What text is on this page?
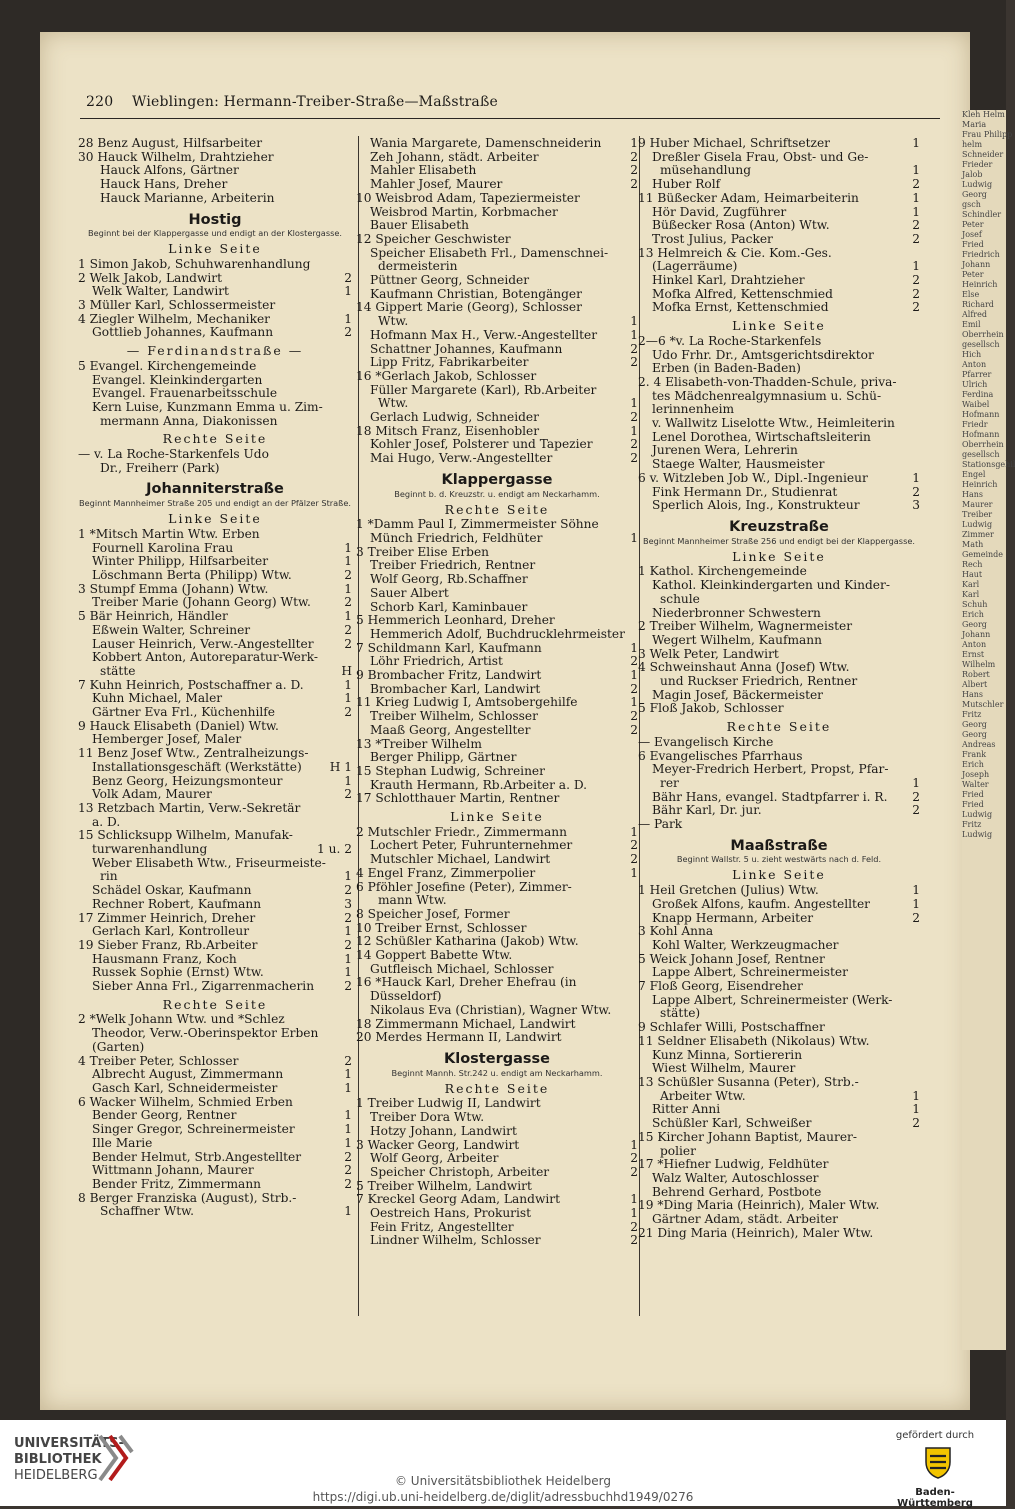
Kleh Helm
Maria
Frau Philipp
helm
Schneider
Frieder
Jalob
Ludwig
Georg
gsch
Schindler
Peter
Josef
Fried
Friedrich
Johann
Peter
Heinrich
Else
Richard
Alfred
Emil
Oberrhein
gesellsch
Hich
Anton
Pfarrer
Ulrich
Ferdina
Waibel
Hofmann
Friedr
Hofmann
Oberrhein
gesellsch
Stationsgehil
Engel
Heinrich
Hans
Maurer
Treiber
Ludwig
Zimmer
Math
Gemeinde
Rech
Haut
Karl
Karl
Schuh
Erich
Georg
Johann
Anton
Ernst
Wilhelm
Robert
Albert
Hans
Mutschler
Fritz
Georg
Georg
Andreas
Frank
Erich
Joseph
Walter
Fried
Fried
Ludwig
Fritz
Ludwig
220 Wieblingen: Hermann-Treiber-Straße—Maßstraße
28 Benz August, Hilfsarbeiter
30 Hauck Wilhelm, Drahtzieher
Hauck Alfons, Gärtner
Hauck Hans, Dreher
Hauck Marianne, Arbeiterin
Hostig
Beginnt bei der Klappergasse und endigt an der Klostergasse.
Linke Seite
1 Simon Jakob, Schuhwarenhandlung
2 Welk Jakob, Landwirt	2
Welk Walter, Landwirt	1
3 Müller Karl, Schlossermeister
4 Ziegler Wilhelm, Mechaniker	1
Gottlieb Johannes, Kaufmann	2
— Ferdinandstraße —
5 Evangel. Kirchengemeinde
Evangel. Kleinkindergarten
Evangel. Frauenarbeitsschule
Kern Luise, Kunzmann Emma u. Zim-
mermann Anna, Diakonissen
Rechte Seite
— v. La Roche-Starkenfels Udo
Dr., Freiherr (Park)
Johanniterstraße
Beginnt Mannheimer Straße 205 und endigt an der Pfälzer Straße.
Linke Seite
1 *Mitsch Martin Wtw. Erben
Fournell Karolina Frau	1
Winter Philipp, Hilfsarbeiter	1
Löschmann Berta (Philipp) Wtw.	2
3 Stumpf Emma (Johann) Wtw.	1
Treiber Marie (Johann Georg) Wtw.	2
5 Bär Heinrich, Händler	1
Eßwein Walter, Schreiner	2
Lauser Heinrich, Verw.-Angestellter	2
Kobbert Anton, Autoreparatur-Werk-
stätte	H
7 Kuhn Heinrich, Postschaffner a. D.	1
Kuhn Michael, Maler	1
Gärtner Eva Frl., Küchenhilfe	2
9 Hauck Elisabeth (Daniel) Wtw.
Hemberger Josef, Maler
11 Benz Josef Wtw., Zentralheizungs-
Installationsgeschäft (Werkstätte) H 1
Benz Georg, Heizungsmonteur	1
Volk Adam, Maurer	2
13 Retzbach Martin, Verw.-Sekretär
a. D.
15 Schlicksupp Wilhelm, Manufak-
turwarenhandlung	1 u. 2
Weber Elisabeth Wtw., Friseurmeiste-
rin	1
Schädel Oskar, Kaufmann	2
Rechner Robert, Kaufmann	3
17 Zimmer Heinrich, Dreher	2
Gerlach Karl, Kontrolleur	1
19 Sieber Franz, Rb.Arbeiter	2
Hausmann Franz, Koch	1
Russek Sophie (Ernst) Wtw.	1
Sieber Anna Frl., Zigarrenmacherin 2
Rechte Seite
2 *Welk Johann Wtw. und *Schlez
Theodor, Verw.-Oberinspektor Erben
(Garten)
4 Treiber Peter, Schlosser	2
Albrecht August, Zimmermann	1
Gasch Karl, Schneidermeister	1
6 Wacker Wilhelm, Schmied Erben
Bender Georg, Rentner	1
Singer Gregor, Schreinermeister	1
Ille Marie	1
Bender Helmut, Strb.Angestellter	2
Wittmann Johann, Maurer	2
Bender Fritz, Zimmermann	2
8 Berger Franziska (August), Strb.-
Schaffner Wtw.	1
Wania Margarete, Damenschneiderin 1
Zeh Johann, städt. Arbeiter	2
Mahler Elisabeth	2
Mahler Josef, Maurer	2
10 Weisbrod Adam, Tapeziermeister
Weisbrod Martin, Korbmacher
Bauer Elisabeth
12 Speicher Geschwister
Speicher Elisabeth Frl., Damenschnei-
dermeisterin
Püttner Georg, Schneider
Kaufmann Christian, Botengänger
14 Gippert Marie (Georg), Schlosser
Wtw.	1
Hofmann Max H., Verw.-Angestellter	1
Schattner Johannes, Kaufmann	2
Lipp Fritz, Fabrikarbeiter	2
16 *Gerlach Jakob, Schlosser
Füller Margarete (Karl), Rb.Arbeiter
Wtw.	1
Gerlach Ludwig, Schneider	2
18 Mitsch Franz, Eisenhobler	1
Kohler Josef, Polsterer und Tapezier	2
Mai Hugo, Verw.-Angestellter	2
Klappergasse
Beginnt b. d. Kreuzstr. u. endigt am Neckarhamm.
Rechte Seite
1 *Damm Paul I, Zimmermeister Söhne
Münch Friedrich, Feldhüter	1
3 Treiber Elise Erben
Treiber Friedrich, Rentner
Wolf Georg, Rb.Schaffner
Sauer Albert
Schorb Karl, Kaminbauer
5 Hemmerich Leonhard, Dreher
Hemmerich Adolf, Buchdrucklehrmeister
7 Schildmann Karl, Kaufmann	1
Löhr Friedrich, Artist	2
9 Brombacher Fritz, Landwirt	1
Brombacher Karl, Landwirt	2
11 Krieg Ludwig I, Amtsobergehilfe	1
Treiber Wilhelm, Schlosser	2
Maaß Georg, Angestellter	2
13 *Treiber Wilhelm
Berger Philipp, Gärtner
15 Stephan Ludwig, Schreiner
Krauth Hermann, Rb.Arbeiter a. D.
17 Schlotthauer Martin, Rentner
Linke Seite
2 Mutschler Friedr., Zimmermann	1
Lochert Peter, Fuhrunternehmer	2
Mutschler Michael, Landwirt	2
4 Engel Franz, Zimmerpolier	1
6 Pföhler Josefine (Peter), Zimmer-
mann Wtw.
8 Speicher Josef, Former
10 Treiber Ernst, Schlosser
12 Schüßler Katharina (Jakob) Wtw.
14 Goppert Babette Wtw.
Gutfleisch Michael, Schlosser
16 *Hauck Karl, Dreher Ehefrau (in
Düsseldorf)
Nikolaus Eva (Christian), Wagner Wtw.
18 Zimmermann Michael, Landwirt
20 Merdes Hermann II, Landwirt
Klostergasse
Beginnt Mannh. Str.242 u. endigt am Neckarhamm.
Rechte Seite
1 Treiber Ludwig II, Landwirt
Treiber Dora Wtw.
Hotzy Johann, Landwirt
3 Wacker Georg, Landwirt	1
Wolf Georg, Arbeiter	2
Speicher Christoph, Arbeiter	2
5 Treiber Wilhelm, Landwirt
7 Kreckel Georg Adam, Landwirt	1
Oestreich Hans, Prokurist	1
Fein Fritz, Angestellter	2
Lindner Wilhelm, Schlosser	2
9 Huber Michael, Schriftsetzer	1
Dreßler Gisela Frau, Obst- und Ge-
müsehandlung	1
Huber Rolf	2
11 Büßecker Adam, Heimarbeiterin	1
Hör David, Zugführer	1
Büßecker Rosa (Anton) Wtw.	2
Trost Julius, Packer	2
13 Helmreich & Cie. Kom.-Ges.
(Lagerräume)	1
Hinkel Karl, Drahtzieher	2
Mofka Alfred, Kettenschmied	2
Mofka Ernst, Kettenschmied	2
Linke Seite
2—6 *v. La Roche-Starkenfels
Udo Frhr. Dr., Amtsgerichtsdirektor
Erben (in Baden-Baden)
2. 4 Elisabeth-von-Thadden-Schule, priva-
tes Mädchenrealgymnasium u. Schü-
lerinnenheim
v. Wallwitz Liselotte Wtw., Heimleiterin
Lenel Dorothea, Wirtschaftsleiterin
Jurenen Wera, Lehrerin
Staege Walter, Hausmeister
6 v. Witzleben Job W., Dipl.-Ingenieur	1
Fink Hermann Dr., Studienrat	2
Sperlich Alois, Ing., Konstrukteur	3
Kreuzstraße
Beginnt Mannheimer Straße 256 und endigt bei der Klappergasse.
Linke Seite
1 Kathol. Kirchengemeinde
Kathol. Kleinkindergarten und Kinder-
schule
Niederbronner Schwestern
2 Treiber Wilhelm, Wagnermeister
Wegert Wilhelm, Kaufmann
3 Welk Peter, Landwirt
4 Schweinshaut Anna (Josef) Wtw.
und Ruckser Friedrich, Rentner
Magin Josef, Bäckermeister
5 Floß Jakob, Schlosser
Rechte Seite
— Evangelisch Kirche
6 Evangelisches Pfarrhaus
Meyer-Fredrich Herbert, Propst, Pfar-
rer	1
Bähr Hans, evangel. Stadtpfarrer i. R. 2
Bähr Karl, Dr. jur.	2
— Park
Maaßstraße
Beginnt Wallstr. 5 u. zieht westwärts nach d. Feld.
Linke Seite
1 Heil Gretchen (Julius) Wtw.	1
Großek Alfons, kaufm. Angestellter	1
Knapp Hermann, Arbeiter	2
3 Kohl Anna
Kohl Walter, Werkzeugmacher
5 Weick Johann Josef, Rentner
Lappe Albert, Schreinermeister
7 Floß Georg, Eisendreher
Lappe Albert, Schreinermeister (Werk-
stätte)
9 Schlafer Willi, Postschaffner
11 Seldner Elisabeth (Nikolaus) Wtw.
Kunz Minna, Sortiererin
Wiest Wilhelm, Maurer
13 Schüßler Susanna (Peter), Strb.-
Arbeiter Wtw.	1
Ritter Anni	1
Schüßler Karl, Schweißer	2
15 Kircher Johann Baptist, Maurer-
polier
17 *Hiefner Ludwig, Feldhüter
Walz Walter, Autoschlosser
Behrend Gerhard, Postbote
19 *Ding Maria (Heinrich), Maler Wtw.
Gärtner Adam, städt. Arbeiter
21 Ding Maria (Heinrich), Maler Wtw.
UNIVERSITÄTS-
BIBLIOTHEK
HEIDELBERG	© Universitätsbibliothek Heidelberg
https://digi.ub.uni-heidelberg.de/diglit/adressbuchhd1949/0276
gefördert durch
Baden-Württemberg
